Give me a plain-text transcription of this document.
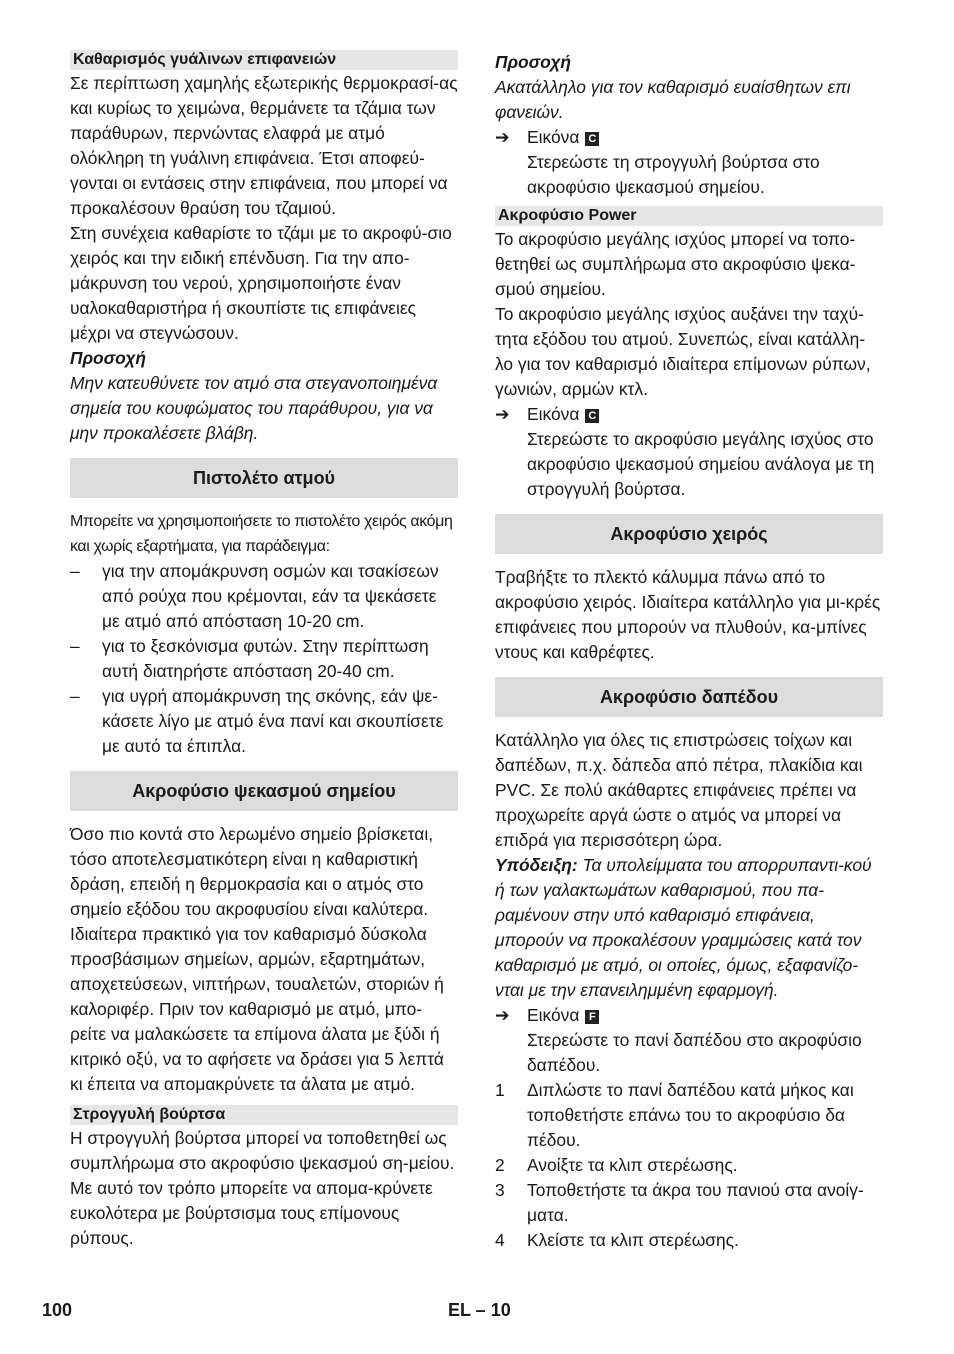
Καθαρισμός γυάλινων επιφανειών

Σε περίπτωση χαμηλής εξωτερικής θερμοκρασί-ας και κυρίως το χειμώνα, θερμάνετε τα τζάμια των παράθυρων, περνώντας ελαφρά με ατμό ολόκληρη τη γυάλινη επιφάνεια. Έτσι αποφεύ-γονται οι εντάσεις στην επιφάνεια, που μπορεί να προκαλέσουν θραύση του τζαμιού.

Στη συνέχεια καθαρίστε το τζάμι με το ακροφύ-σιο χειρός και την ειδική επένδυση. Για την απο-μάκρυνση του νερού, χρησιμοποιήστε έναν υαλοκαθαριστήρα ή σκουπίστε τις επιφάνειες μέχρι να στεγνώσουν.

Προσοχή

Μην κατευθύνετε τον ατμό στα στεγανοποιημένα σημεία του κουφώματος του παράθυρου, για να μην προκαλέσετε βλάβη.

Πιστολέτο ατμού

Μπορείτε να χρησιμοποιήσετε το πιστολέτο χειρός ακόμη και χωρίς εξαρτήματα, για παράδειγμα:

–	για την απομάκρυνση οσμών και τσακίσεων από ρούχα που κρέμονται, εάν τα ψεκάσετε με ατμό από απόσταση 10-20 cm.
–	για το ξεσκόνισμα φυτών. Στην περίπτωση αυτή διατηρήστε απόσταση 20-40 cm.
–	για υγρή απομάκρυνση της σκόνης, εάν ψε-κάσετε λίγο με ατμό ένα πανί και σκουπίσετε με αυτό τα έπιπλα.
Ακροφύσιο ψεκασμού σημείου

Όσο πιο κοντά στο λερωμένο σημείο βρίσκεται, τόσο αποτελεσματικότερη είναι η καθαριστική δράση, επειδή η θερμοκρασία και ο ατμός στο σημείο εξόδου του ακροφυσίου είναι καλύτερα. Ιδιαίτερα πρακτικό για τον καθαρισμό δύσκολα προσβάσιμων σημείων, αρμών, εξαρτημάτων, αποχετεύσεων, νιπτήρων, τουαλετών, στοριών ή καλοριφέρ. Πριν τον καθαρισμό με ατμό, μπο-ρείτε να μαλακώσετε τα επίμονα άλατα με ξύδι ή κιτρικό οξύ, να το αφήσετε να δράσει για 5 λεπτά κι έπειτα να απομακρύνετε τα άλατα με ατμό.

Στρογγυλή βούρτσα

Η στρογγυλή βούρτσα μπορεί να τοποθετηθεί ως συμπλήρωμα στο ακροφύσιο ψεκασμού ση-μείου. Με αυτό τον τρόπο μπορείτε να απομα-κρύνετε ευκολότερα με βούρτσισμα τους επίμονους ρύπους.

Προσοχή

Ακατάλληλο για τον καθαρισμό ευαίσθητων επι φανειών.

➔	Εικόνα C

Στερεώστε τη στρογγυλή βούρτσα στο ακροφύσιο ψεκασμού σημείου.

Ακροφύσιο Power

Το ακροφύσιο μεγάλης ισχύος μπορεί να τοπο-θετηθεί ως συμπλήρωμα στο ακροφύσιο ψεκα-σμού σημείου.

Το ακροφύσιο μεγάλης ισχύος αυξάνει την ταχύ-τητα εξόδου του ατμού. Συνεπώς, είναι κατάλλη-λο για τον καθαρισμό ιδιαίτερα επίμονων ρύπων, γωνιών, αρμών κτλ.

➔	Εικόνα C

Στερεώστε το ακροφύσιο μεγάλης ισχύος στο ακροφύσιο ψεκασμού σημείου ανάλογα με τη στρογγυλή βούρτσα.

Ακροφύσιο χειρός

Τραβήξτε το πλεκτό κάλυμμα πάνω από το ακροφύσιο χειρός. Ιδιαίτερα κατάλληλο για μι-κρές επιφάνειες που μπορούν να πλυθούν, κα-μπίνες ντους και καθρέφτες.

Ακροφύσιο δαπέδου

Κατάλληλο για όλες τις επιστρώσεις τοίχων και δαπέδων, π.χ. δάπεδα από πέτρα, πλακίδια και PVC. Σε πολύ ακάθαρτες επιφάνειες πρέπει να προχωρείτε αργά ώστε ο ατμός να μπορεί να επιδρά για περισσότερη ώρα.

Υπόδειξη: Τα υπολείμματα του απορρυπαντι-κού ή των γαλακτωμάτων καθαρισμού, που πα-ραμένουν στην υπό καθαρισμό επιφάνεια, μπορούν να προκαλέσουν γραμμώσεις κατά τον καθαρισμό με ατμό, οι οποίες, όμως, εξαφανίζο-νται με την επανειλημμένη εφαρμογή.

➔	Εικόνα F

Στερεώστε το πανί δαπέδου στο ακροφύσιο δαπέδου.

1	Διπλώστε το πανί δαπέδου κατά μήκος και τοποθετήστε επάνω του το ακροφύσιο δα πέδου.
2	Ανοίξτε τα κλιπ στερέωσης.
3	Τοποθετήστε τα άκρα του πανιού στα ανοίγ-ματα.
4	Κλείστε τα κλιπ στερέωσης.
100	EL – 10
